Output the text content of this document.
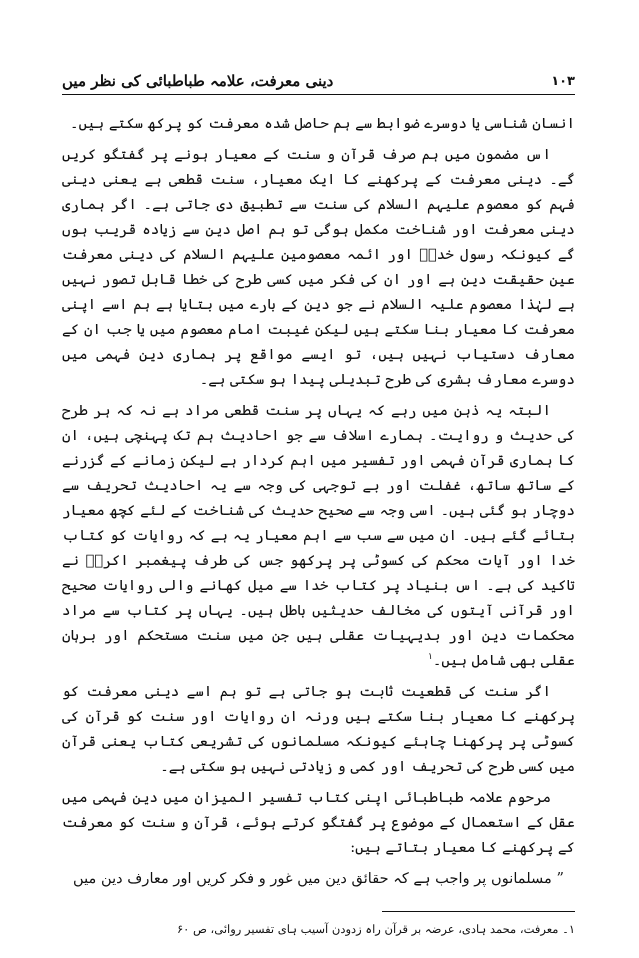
۱۰۳
دینی معرفت، علامہ طباطبائی کی نظر میں

انسان شناسی یا دوسرے ضوابط سے ہم حاصل شدہ معرفت کو پرکھ سکتے ہیں۔

اس مضمون میں ہم صرف قرآن و سنت کے معیار ہونے پر گفتگو کریں گے۔ دینی معرفت کے پرکھنے کا ایک معیار، سنت قطعی ہے یعنی دینی فہم کو معصوم علیہم السلام کی سنت سے تطبیق دی جاتی ہے۔ اگر ہماری دینی معرفت اور شناخت مکمل ہوگی تو ہم اصل دین سے زیادہ قریب ہوں گے کیونکہ رسول خداؐ اور ائمہ معصومین علیہم السلام کی دینی معرفت عین حقیقت دین ہے اور ان کی فکر میں کسی طرح کی خطا قابل تصور نہیں ہے لہٰذا معصوم علیہ السلام نے جو دین کے بارے میں بتایا ہے ہم اسے اپنی معرفت کا معیار بنا سکتے ہیں لیکن غیبت امام معصوم میں یا جب ان کے معارف دستیاب نہیں ہیں، تو ایسے مواقع پر ہماری دین فہمی میں دوسرے معارف بشری کی طرح تبدیلی پیدا ہو سکتی ہے۔

البتہ یہ ذہن میں رہے کہ یہاں پر سنت قطعی مراد ہے نہ کہ ہر طرح کی حدیث و روایت۔ ہمارے اسلاف سے جو احادیث ہم تک پہنچی ہیں، ان کا ہماری قرآن فہمی اور تفسیر میں اہم کردار ہے لیکن زمانے کے گزرنے کے ساتھ ساتھ، غفلت اور بے توجہی کی وجہ سے یہ احادیث تحریف سے دوچار ہو گئی ہیں۔ اسی وجہ سے صحیح حدیث کی شناخت کے لئے کچھ معیار بتائے گئے ہیں۔ ان میں سے سب سے اہم معیار یہ ہے کہ روایات کو کتاب خدا اور آیات محکم کی کسوٹی پر پرکھو جس کی طرف پیغمبر اکرمؐ نے تاکید کی ہے۔ اس بنیاد پر کتاب خدا سے میل کھانے والی روایات صحیح اور قرآنی آیتوں کی مخالف حدیثیں باطل ہیں۔ یہاں پر کتاب سے مراد محکمات دین اور بدیہیات عقلی ہیں جن میں سنت مستحکم اور برہان عقلی بھی شامل ہیں۔$^۱$

اگر سنت کی قطعیت ثابت ہو جاتی ہے تو ہم اسے دینی معرفت کو پرکھنے کا معیار بنا سکتے ہیں ورنہ ان روایات اور سنت کو قرآن کی کسوٹی پر پرکھنا چاہئے کیونکہ مسلمانوں کی تشریعی کتاب یعنی قرآن میں کسی طرح کی تحریف اور کمی و زیادتی نہیں ہو سکتی ہے۔

مرحوم علامہ طباطبائی اپنی کتاب تفسیر المیزان میں دین فہمی میں عقل کے استعمال کے موضوع پر گفتگو کرتے ہوئے، قرآن و سنت کو معرفت کے پرکھنے کا معیار بتاتے ہیں:

” مسلمانوں پر واجب ہے کہ حقائق دین میں غور و فکر کریں اور معارف دین میں

۱۔ معرفت، محمد ہادی، عرضہ بر قرآن راہ زدودن آسیب ہای تفسیر روائی، ص ۶۰
